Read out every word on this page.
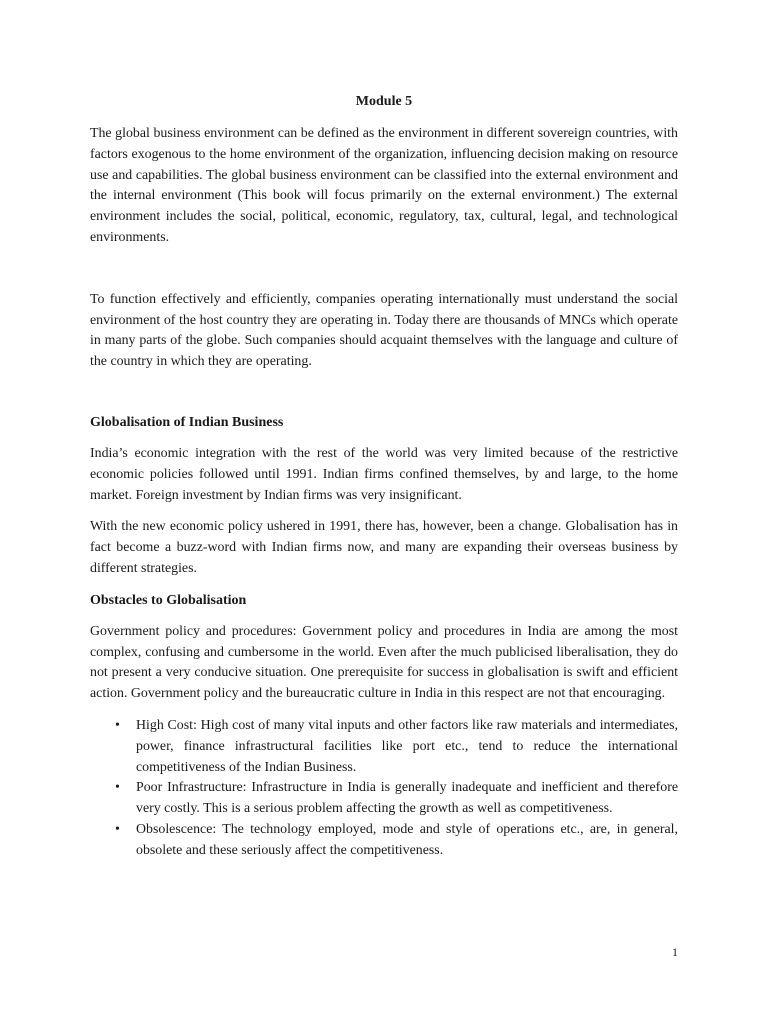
Module 5

The global business environment can be defined as the environment in different sovereign countries, with factors exogenous to the home environment of the organization, influencing decision making on resource use and capabilities. The global business environment can be classified into the external environment and the internal environment (This book will focus primarily on the external environment.) The external environment includes the social, political, economic, regulatory, tax, cultural, legal, and technological environments.

To function effectively and efficiently, companies operating internationally must understand the social environment of the host country they are operating in. Today there are thousands of MNCs which operate in many parts of the globe. Such companies should acquaint themselves with the language and culture of the country in which they are operating.

Globalisation of Indian Business

India’s economic integration with the rest of the world was very limited because of the restrictive economic policies followed until 1991. Indian firms confined themselves, by and large, to the home market. Foreign investment by Indian firms was very insignificant.

With the new economic policy ushered in 1991, there has, however, been a change. Globalisation has in fact become a buzz-word with Indian firms now, and many are expanding their overseas business by different strategies.

Obstacles to Globalisation

Government policy and procedures: Government policy and procedures in India are among the most complex, confusing and cumbersome in the world. Even after the much publicised liberalisation, they do not present a very conducive situation. One prerequisite for success in globalisation is swift and efficient action. Government policy and the bureaucratic culture in India in this respect are not that encouraging.

• High Cost: High cost of many vital inputs and other factors like raw materials and intermediates, power, finance infrastructural facilities like port etc., tend to reduce the international competitiveness of the Indian Business.
• Poor Infrastructure: Infrastructure in India is generally inadequate and inefficient and therefore very costly. This is a serious problem affecting the growth as well as competitiveness.
• Obsolescence: The technology employed, mode and style of operations etc., are, in general, obsolete and these seriously affect the competitiveness.
1
